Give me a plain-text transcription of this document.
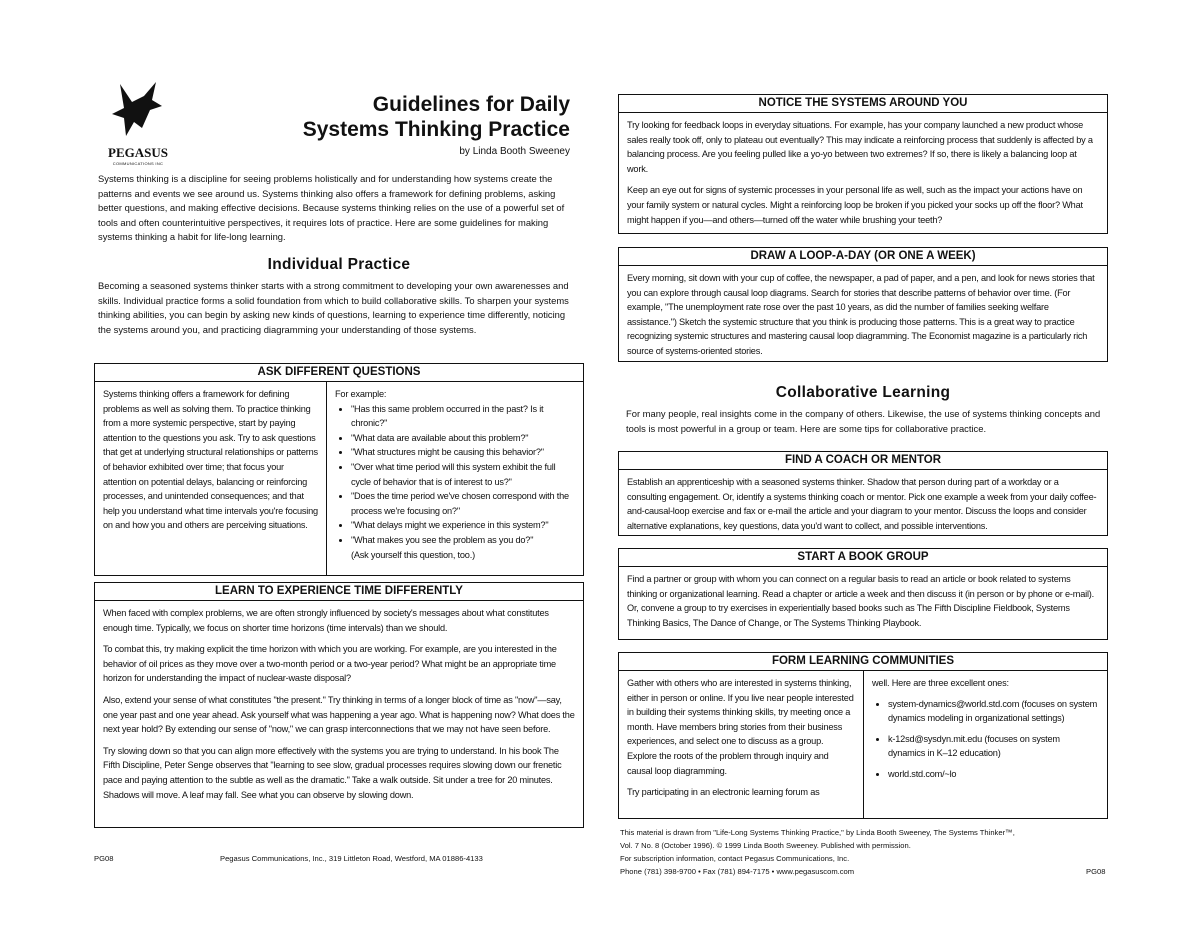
PEGASUS
COMMUNICATIONS INC
Guidelines for Daily
Systems Thinking Practice
by Linda Booth Sweeney

Systems thinking is a discipline for seeing problems holistically and for understanding how systems create the patterns and events we see around us. Systems thinking also offers a framework for defining problems, asking better questions, and making effective decisions. Because systems thinking relies on the use of a powerful set of tools and often counterintuitive perspectives, it requires lots of practice. Here are some guidelines for making systems thinking a habit for life-long learning.

Individual Practice

Becoming a seasoned systems thinker starts with a strong commitment to developing your own awarenesses and skills. Individual practice forms a solid foundation from which to build collaborative skills. To sharpen your systems thinking abilities, you can begin by asking new kinds of questions, learning to experience time differently, noticing the systems around you, and practicing diagramming your understanding of those systems.

ASK DIFFERENT QUESTIONS
Systems thinking offers a framework for defining problems as well as solving them. To practice thinking from a more systemic perspective, start by paying attention to the questions you ask. Try to ask questions that get at underlying structural relationships or patterns of behavior exhibited over time; that focus your attention on potential delays, balancing or reinforcing processes, and unintended consequences; and that help you understand what time intervals you're focusing on and how you and others are perceiving situations.
For example:
• "Has this same problem occurred in the past? Is it chronic?"
• "What data are available about this problem?"
• "What structures might be causing this behavior?"
• "Over what time period will this system exhibit the full cycle of behavior that is of interest to us?"
• "Does the time period we've chosen correspond with the process we're focusing on?"
• "What delays might we experience in this system?"
• "What makes you see the problem as you do?"
(Ask yourself this question, too.)
LEARN TO EXPERIENCE TIME DIFFERENTLY

When faced with complex problems, we are often strongly influenced by society's messages about what constitutes enough time. Typically, we focus on shorter time horizons (time intervals) than we should.

To combat this, try making explicit the time horizon with which you are working. For example, are you interested in the behavior of oil prices as they move over a two-month period or a two-year period? What might be an appropriate time horizon for understanding the impact of nuclear-waste disposal?

Also, extend your sense of what constitutes "the present." Try thinking in terms of a longer block of time as "now"—say, one year past and one year ahead. Ask yourself what was happening a year ago. What is happening now? What does the next year hold? By extending our sense of "now," we can grasp interconnections that we may not have seen before.

Try slowing down so that you can align more effectively with the systems you are trying to understand. In his book The Fifth Discipline, Peter Senge observes that "learning to see slow, gradual processes requires slowing down our frenetic pace and paying attention to the subtle as well as the dramatic." Take a walk outside. Sit under a tree for 20 minutes. Shadows will move. A leaf may fall. See what you can observe by slowing down.

PG08	Pegasus Communications, Inc., 319 Littleton Road, Westford, MA 01886-4133
NOTICE THE SYSTEMS AROUND YOU

Try looking for feedback loops in everyday situations. For example, has your company launched a new product whose sales really took off, only to plateau out eventually? This may indicate a reinforcing process that suddenly is affected by a balancing process. Are you feeling pulled like a yo-yo between two extremes? If so, there is likely a balancing loop at work.

Keep an eye out for signs of systemic processes in your personal life as well, such as the impact your actions have on your family system or natural cycles. Might a reinforcing loop be broken if you picked your socks up off the floor? What might happen if you—and others—turned off the water while brushing your teeth?

DRAW A LOOP-A-DAY (OR ONE A WEEK)

Every morning, sit down with your cup of coffee, the newspaper, a pad of paper, and a pen, and look for news stories that you can explore through causal loop diagrams. Search for stories that describe patterns of behavior over time. (For example, "The unemployment rate rose over the past 10 years, as did the number of families seeking welfare assistance.") Sketch the systemic structure that you think is producing those patterns. This is a great way to practice recognizing systemic structures and mastering causal loop diagramming. The Economist magazine is a particularly rich source of systems-oriented stories.

Collaborative Learning

For many people, real insights come in the company of others. Likewise, the use of systems thinking concepts and tools is most powerful in a group or team. Here are some tips for collaborative practice.

FIND A COACH OR MENTOR

Establish an apprenticeship with a seasoned systems thinker. Shadow that person during part of a workday or a consulting engagement. Or, identify a systems thinking coach or mentor. Pick one example a week from your daily coffee-and-causal-loop exercise and fax or e-mail the article and your diagram to your mentor. Discuss the loops and consider alternative explanations, key questions, data you'd want to collect, and possible interventions.

START A BOOK GROUP

Find a partner or group with whom you can connect on a regular basis to read an article or book related to systems thinking or organizational learning. Read a chapter or article a week and then discuss it (in person or by phone or e-mail). Or, convene a group to try exercises in experientially based books such as The Fifth Discipline Fieldbook, Systems Thinking Basics, The Dance of Change, or The Systems Thinking Playbook.

FORM LEARNING COMMUNITIES

Gather with others who are interested in systems thinking, either in person or online. If you live near people interested in building their systems thinking skills, try meeting once a month. Have members bring stories from their business experiences, and select one to discuss as a group. Explore the roots of the problem through inquiry and causal loop diagramming.

Try participating in an electronic learning forum as

well. Here are three excellent ones:
• system-dynamics@world.std.com (focuses on system dynamics modeling in organizational settings)
• k-12sd@sysdyn.mit.edu (focuses on system dynamics in K–12 education)
• world.std.com/~lo
This material is drawn from "Life-Long Systems Thinking Practice," by Linda Booth Sweeney, The Systems Thinker™,
Vol. 7 No. 8 (October 1996). © 1999 Linda Booth Sweeney. Published with permission.
For subscription information, contact Pegasus Communications, Inc.
Phone (781) 398-9700 • Fax (781) 894-7175 • www.pegasuscom.com	PG08
